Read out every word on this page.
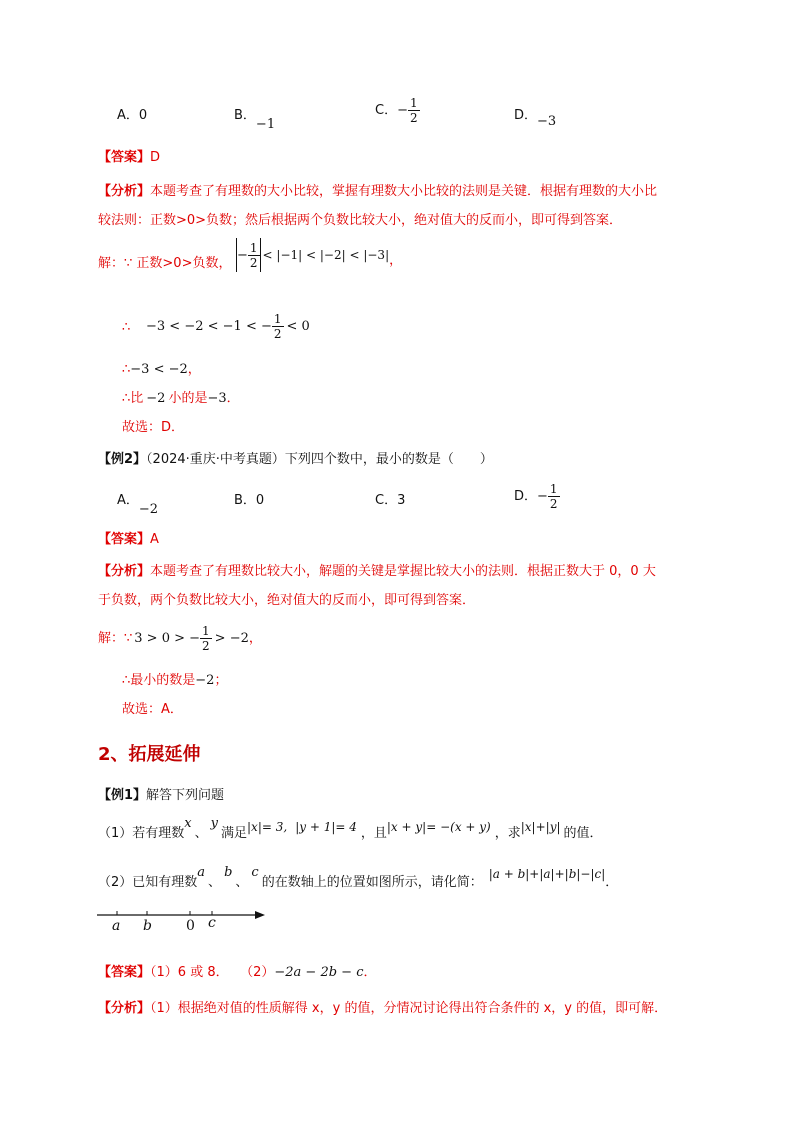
A．0	B．−1
C．− $\frac{1}{2}$	D．−3
【答案】D
【分析】本题考查了有理数的大小比较，掌握有理数大小比较的法则是关键．根据有理数的大小比
较法则：正数>0>负数；然后根据两个负数比较大小，绝对值大的反而小，即可得到答案．
解：∵ 正数>0>负数，
− $\frac{1}{2} < |-1| < |-2| < |-3|$ ，
∴ −3 < −2 < −1 < − $\frac{1}{2} < 0$
∴−3 < −2，
∴比 −2 小的是−3．
故选：D．
【例2】（2024·重庆·中考真题）下列四个数中，最小的数是（　　）
A．−2
B．0	C．3	D．− $\frac{1}{2}$
【答案】A
【分析】本题考查了有理数比较大小，解题的关键是掌握比较大小的法则．根据正数大于 0，0 大
于负数，两个负数比较大小，绝对值大的反而小，即可得到答案．
解：∵ 3 > 0 > − $\frac{1}{2} > -2$ ，
∴最小的数是−2；
故选：A．
2、拓展延伸
【例1】解答下列问题
（1）若有理数x、y满足|x|= 3, |y + 1|= 4 ，且|x + y|= −(x + y) ，求|x|+|y| 的值．
（2）已知有理数a、b、c的在数轴上的位置如图所示，请化简：|a + b|+|a|+|b|−|c|．
a b 0 c
【答案】（1）6 或 8． （2）−2a − 2b − c．
【分析】（1）根据绝对值的性质解得 x，y 的值，分情况讨论得出符合条件的 x，y 的值，即可解．
